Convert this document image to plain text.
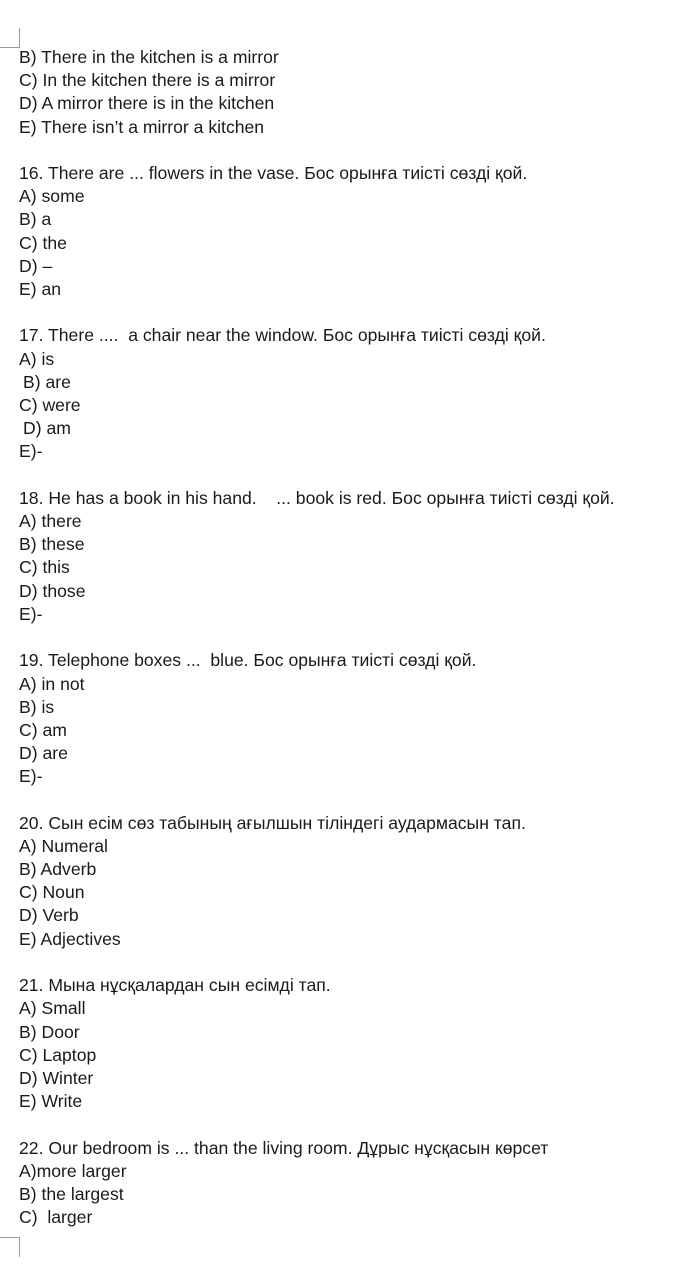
B) There in the kitchen is a mirror
C) In the kitchen there is a mirror
D) A mirror there is in the kitchen
E) There isn’t a mirror a kitchen
16. There are ... flowers in the vase. Бос орынға тиісті сөзді қой.
A) some
B) a
C) the
D) –
E) an
17. There ....  a chair near the window. Бос орынға тиісті сөзді қой.
A) is
B) are
C) were
D) am
E)-
18. He has a book in his hand.    ... book is red. Бос орынға тиісті сөзді қой.
A) there
B) these
C) this
D) those
E)-
19. Telephone boxes ...  blue. Бос орынға тиісті сөзді қой.
A) in not
B) is
C) am
D) are
E)-
20. Сын есім сөз табының ағылшын тіліндегі аудармасын тап.
A) Numeral
B) Adverb
C) Noun
D) Verb
E) Adjectives
21. Мына нұсқалардан сын есімді тап.
A) Small
B) Door
C) Laptop
D) Winter
E) Write
22. Our bedroom is ... than the living room. Дұрыс нұсқасын көрсет
A)more larger
B) the largest
C)  larger
